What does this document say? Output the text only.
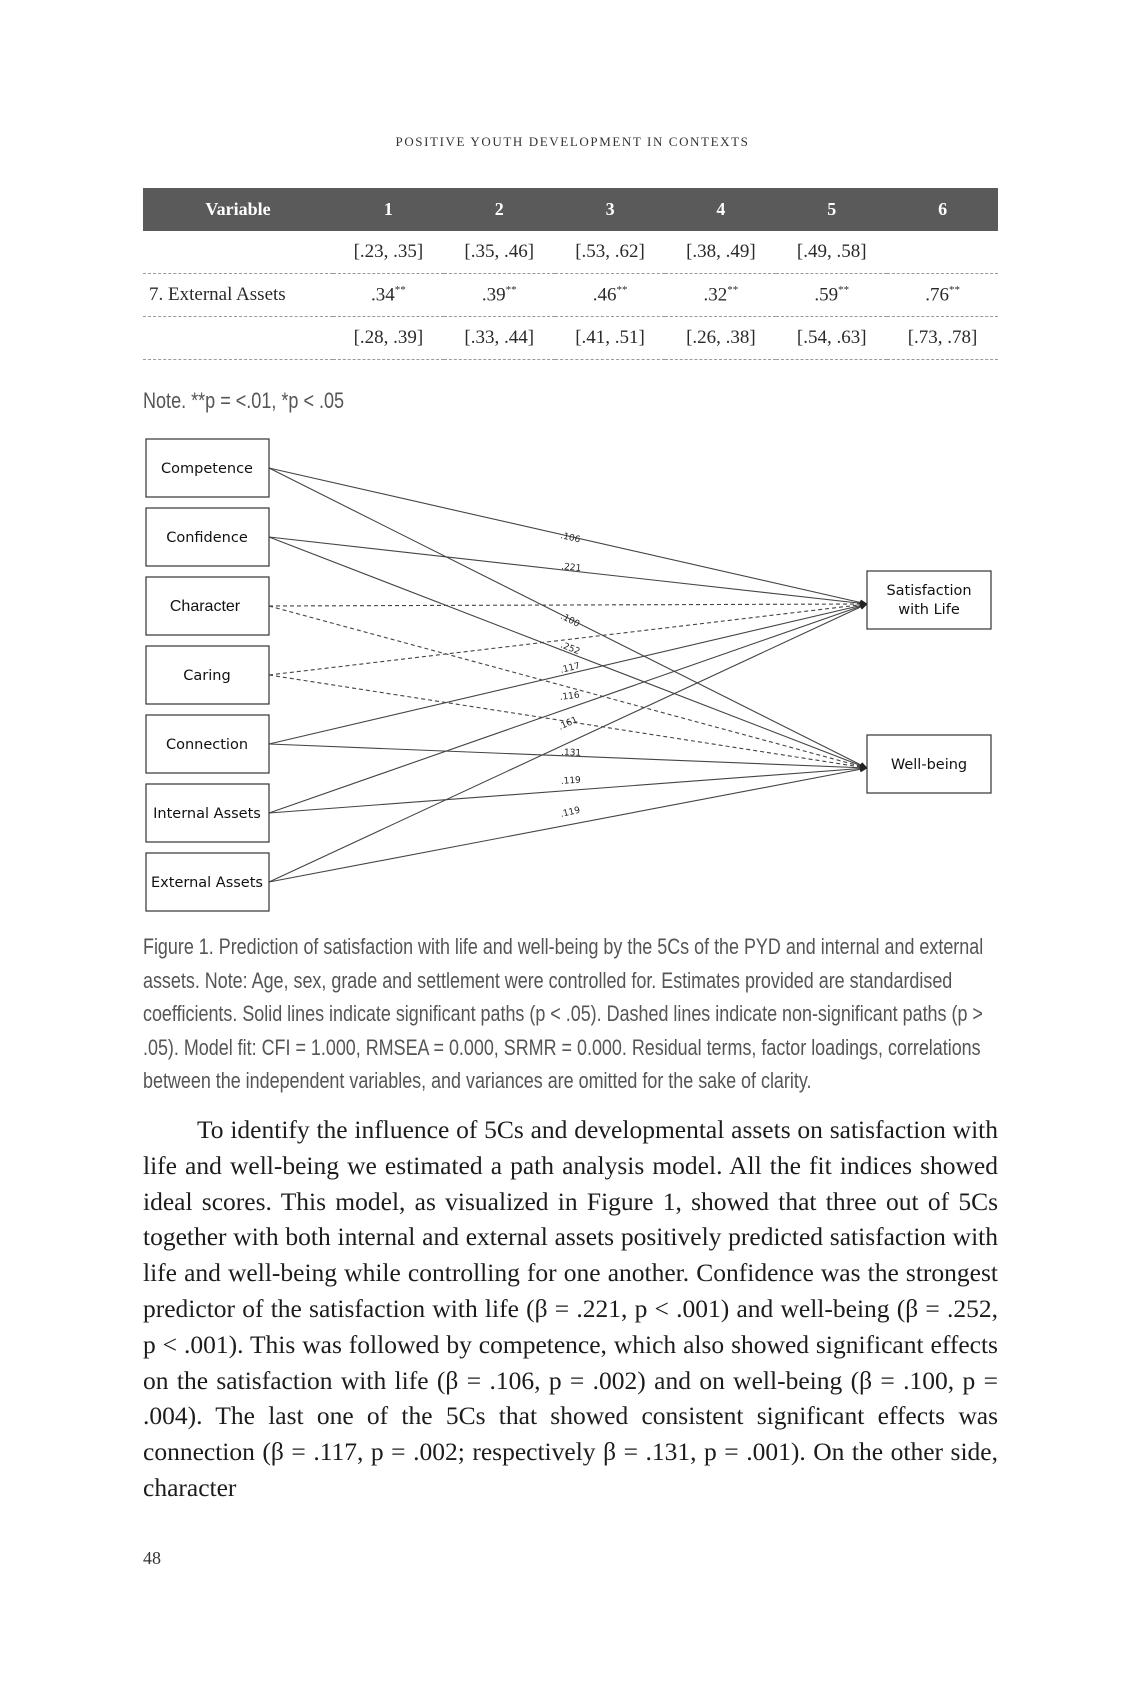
POSITIVE YOUTH DEVELOPMENT IN CONTEXTS
Variable	1	2	3	4	5	6
	[.23, .35]	[.35, .46]	[.53, .62]	[.38, .49]	[.49, .58]	
7. External Assets	.34**	.39**	.46**	.32**	.59**	.76**
	[.28, .39]	[.33, .44]	[.41, .51]	[.26, .38]	[.54, .63]	[.73, .78]
Note. **p = <.01, *p < .05
Competence
Confidence
Character
Caring
Connection
Internal Assets
External Assets
Satisfaction
with Life
Well-being
.106
.221
.100
.252
.117
.116
.161
.131
.119
.119
Figure 1. Prediction of satisfaction with life and well-being by the 5Cs of the PYD and internal and external assets. Note: Age, sex, grade and settlement were controlled for. Estimates provided are standardised coefficients. Solid lines indicate significant paths (p < .05). Dashed lines indicate non-significant paths (p > .05). Model fit: CFI = 1.000, RMSEA = 0.000, SRMR = 0.000. Residual terms, factor loadings, correlations between the independent variables, and variances are omitted for the sake of clarity.
To identify the influence of 5Cs and developmental assets on satisfaction with life and well-being we estimated a path analysis model. All the fit indices showed ideal scores. This model, as visualized in Figure 1, showed that three out of 5Cs together with both internal and external assets positively predicted satisfaction with life and well-being while controlling for one another. Confidence was the strongest predictor of the satisfaction with life (β = .221, p < .001) and well-being (β = .252, p < .001). This was followed by competence, which also showed significant effects on the satisfaction with life (β = .106, p = .002) and on well-being (β = .100, p = .004). The last one of the 5Cs that showed consistent significant effects was connection (β = .117, p = .002; respectively β = .131, p = .001). On the other side, character
48
